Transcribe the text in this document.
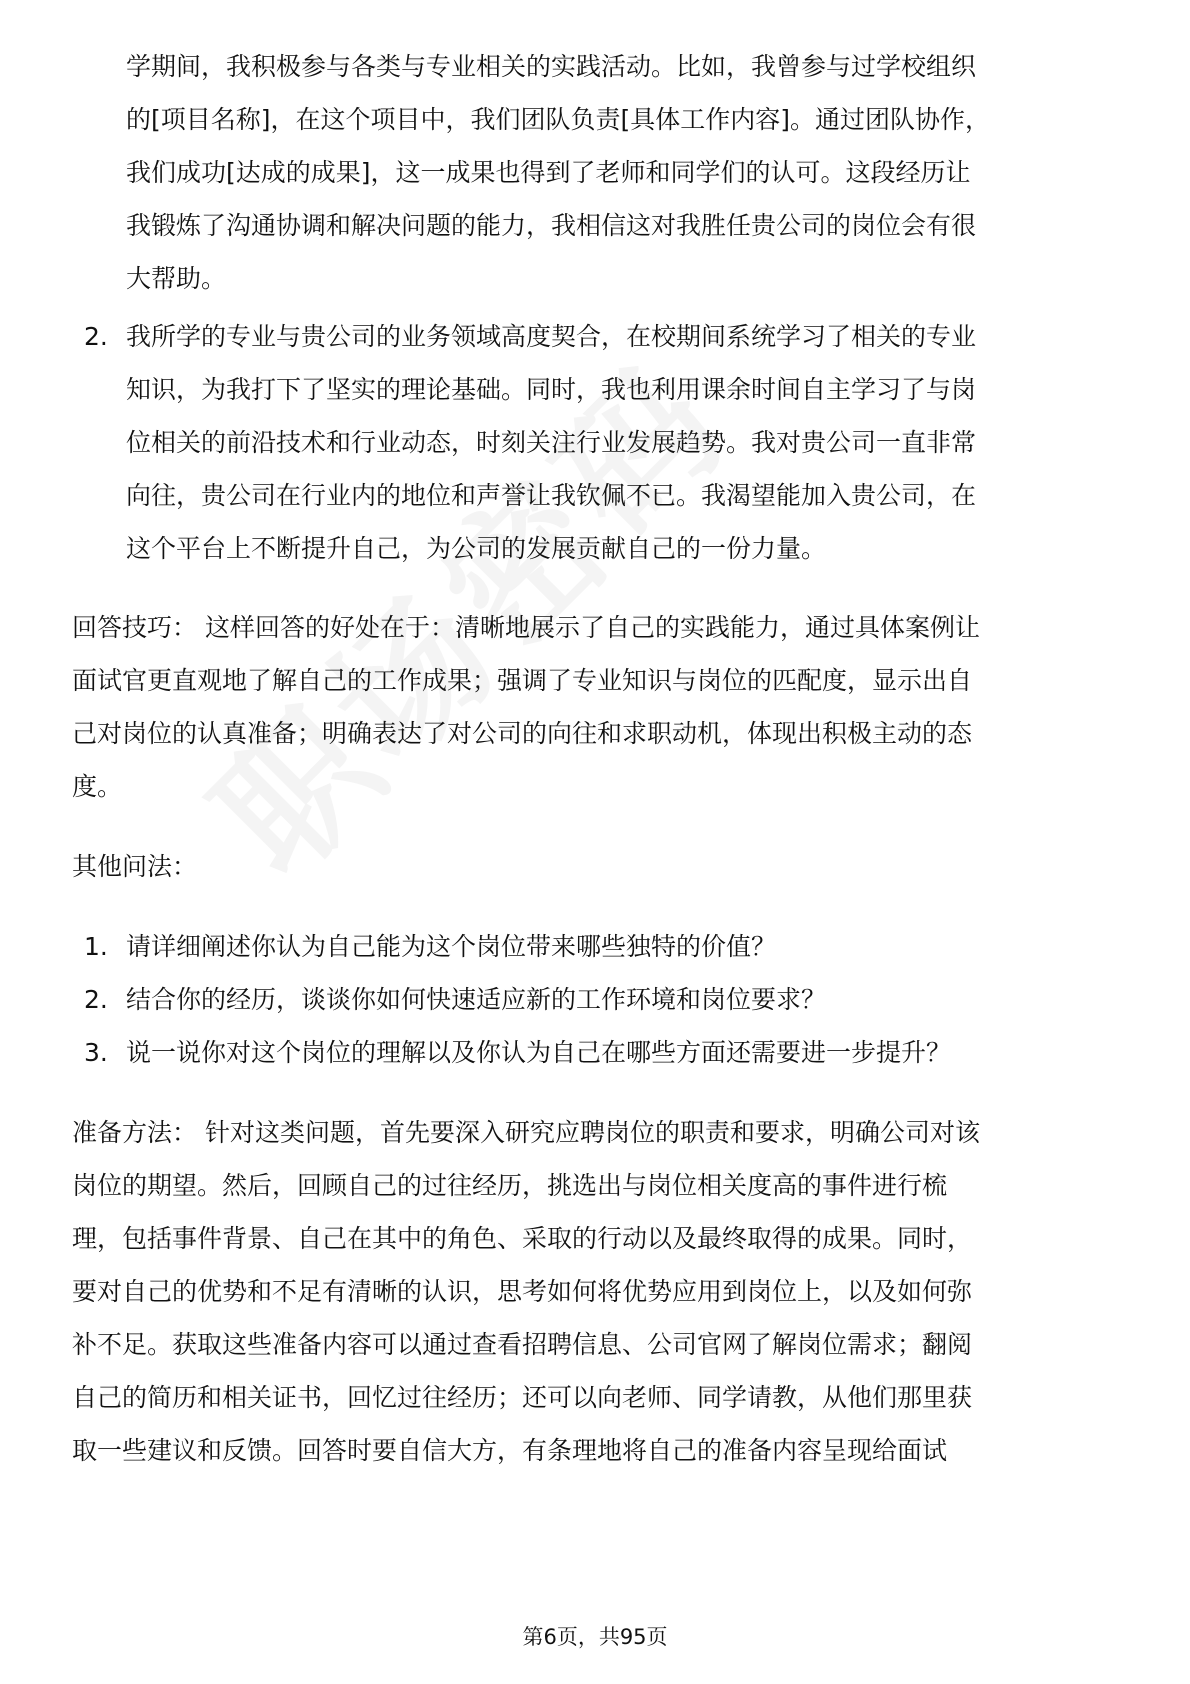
学期间，我积极参与各类与专业相关的实践活动。比如，我曾参与过学校组织
的[项目名称]，在这个项目中，我们团队负责[具体工作内容]。通过团队协作，
我们成功[达成的成果]，这一成果也得到了老师和同学们的认可。这段经历让
我锻炼了沟通协调和解决问题的能力，我相信这对我胜任贵公司的岗位会有很
大帮助。
2. 我所学的专业与贵公司的业务领域高度契合，在校期间系统学习了相关的专业
知识，为我打下了坚实的理论基础。同时，我也利用课余时间自主学习了与岗
位相关的前沿技术和行业动态，时刻关注行业发展趋势。我对贵公司一直非常
向往，贵公司在行业内的地位和声誉让我钦佩不已。我渴望能加入贵公司，在
这个平台上不断提升自己，为公司的发展贡献自己的一份力量。
回答技巧： 这样回答的好处在于：清晰地展示了自己的实践能力，通过具体案例让
面试官更直观地了解自己的工作成果；强调了专业知识与岗位的匹配度，显示出自
己对岗位的认真准备；明确表达了对公司的向往和求职动机，体现出积极主动的态
度。
其他问法：
1. 请详细阐述你认为自己能为这个岗位带来哪些独特的价值？
2. 结合你的经历，谈谈你如何快速适应新的工作环境和岗位要求？
3. 说一说你对这个岗位的理解以及你认为自己在哪些方面还需要进一步提升？
准备方法： 针对这类问题，首先要深入研究应聘岗位的职责和要求，明确公司对该
岗位的期望。然后，回顾自己的过往经历，挑选出与岗位相关度高的事件进行梳
理，包括事件背景、自己在其中的角色、采取的行动以及最终取得的成果。同时，
要对自己的优势和不足有清晰的认识，思考如何将优势应用到岗位上，以及如何弥
补不足。获取这些准备内容可以通过查看招聘信息、公司官网了解岗位需求；翻阅
自己的简历和相关证书，回忆过往经历；还可以向老师、同学请教，从他们那里获
取一些建议和反馈。回答时要自信大方，有条理地将自己的准备内容呈现给面试
第6页，共95页
